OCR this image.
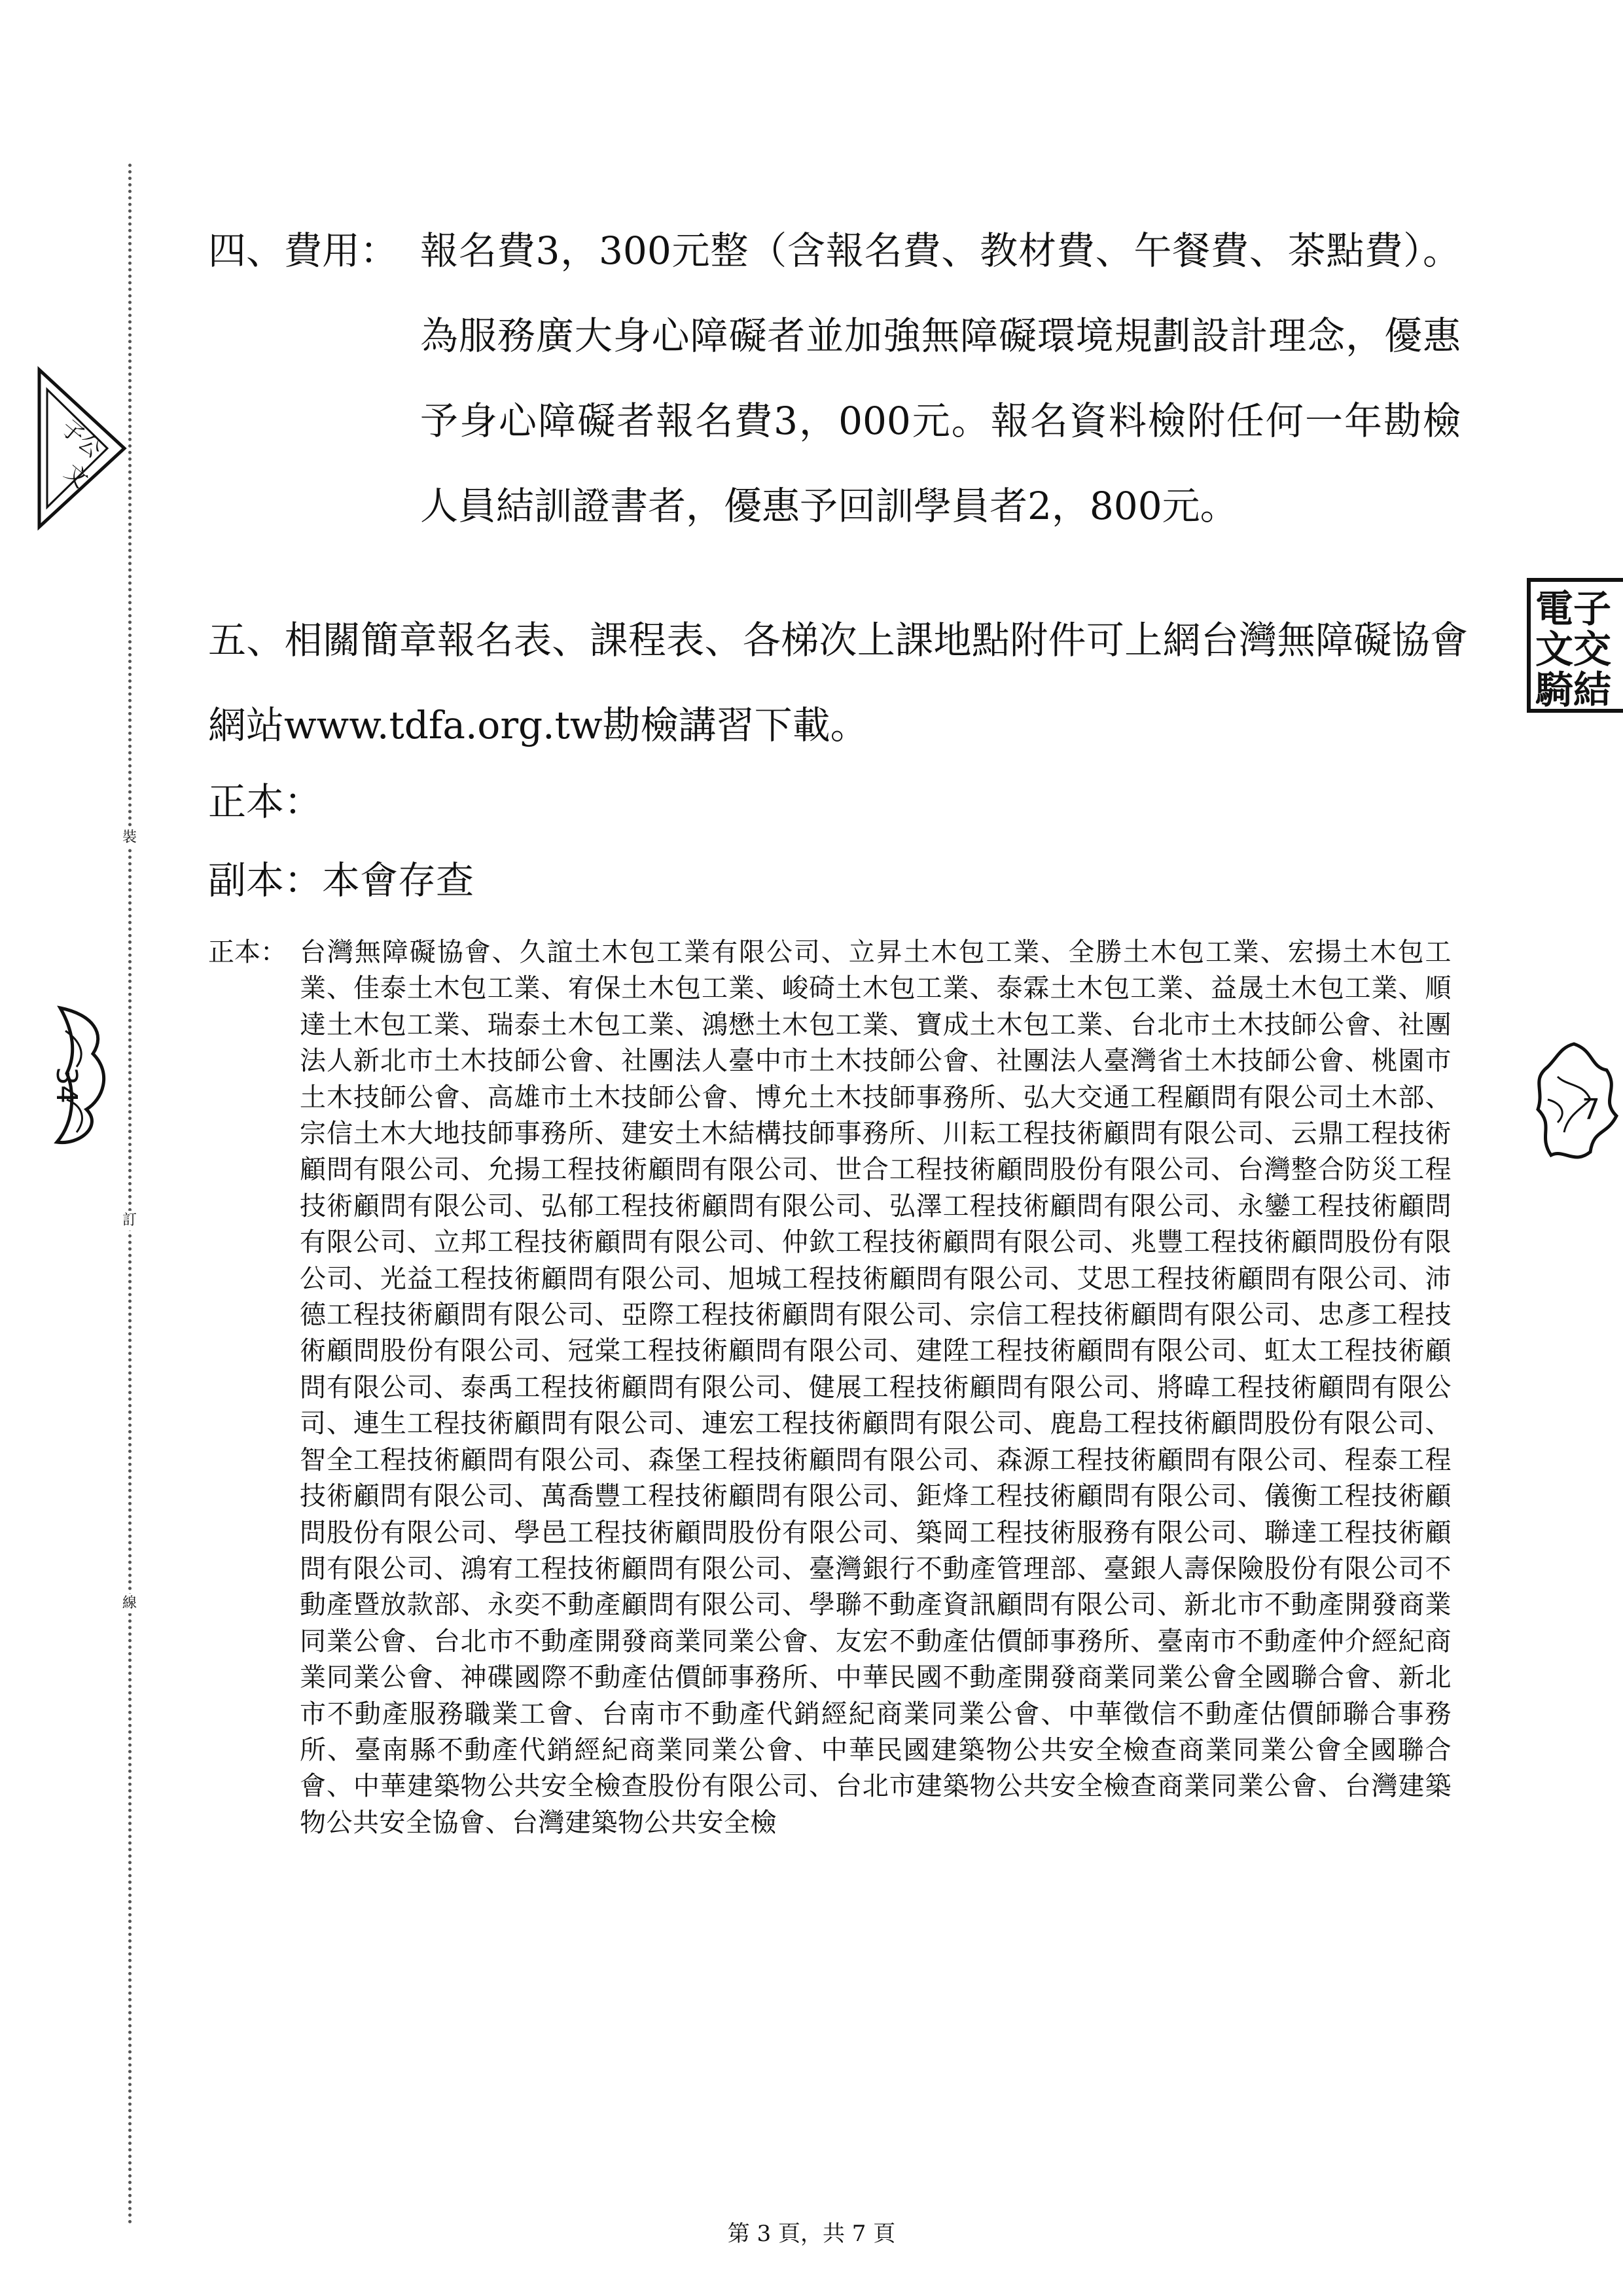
裝
訂
線
子公
文
34
電子
文交
騎結
7
四、費用： 報名費3，300元整（含報名費、教材費、午餐費、茶點費）。為服務廣大身心障礙者並加強無障礙環境規劃設計理念，優惠予身心障礙者報名費3，000元。報名資料檢附任何一年勘檢人員結訓證書者，優惠予回訓學員者2，800元。
五、相關簡章報名表、課程表、各梯次上課地點附件可上網台灣無障礙協會網站www.tdfa.org.tw勘檢講習下載。
正本：
副本：本會存查
正本： 台灣無障礙協會、久誼土木包工業有限公司、立昇土木包工業、全勝土木包工業、宏揚土木包工業、佳泰土木包工業、宥保土木包工業、峻碕土木包工業、泰霖土木包工業、益晟土木包工業、順達土木包工業、瑞泰土木包工業、鴻懋土木包工業、寶成土木包工業、台北市土木技師公會、社團法人新北市土木技師公會、社團法人臺中市土木技師公會、社團法人臺灣省土木技師公會、桃園市土木技師公會、高雄市土木技師公會、博允土木技師事務所、弘大交通工程顧問有限公司土木部、宗信土木大地技師事務所、建安土木結構技師事務所、川耘工程技術顧問有限公司、云鼎工程技術顧問有限公司、允揚工程技術顧問有限公司、世合工程技術顧問股份有限公司、台灣整合防災工程技術顧問有限公司、弘郁工程技術顧問有限公司、弘澤工程技術顧問有限公司、永鑾工程技術顧問有限公司、立邦工程技術顧問有限公司、仲欽工程技術顧問有限公司、兆豐工程技術顧問股份有限公司、光益工程技術顧問有限公司、旭城工程技術顧問有限公司、艾思工程技術顧問有限公司、沛德工程技術顧問有限公司、亞際工程技術顧問有限公司、宗信工程技術顧問有限公司、忠彥工程技術顧問股份有限公司、冠棠工程技術顧問有限公司、建陞工程技術顧問有限公司、虹太工程技術顧問有限公司、泰禹工程技術顧問有限公司、健展工程技術顧問有限公司、將暐工程技術顧問有限公司、連生工程技術顧問有限公司、連宏工程技術顧問有限公司、鹿島工程技術顧問股份有限公司、智全工程技術顧問有限公司、森堡工程技術顧問有限公司、森源工程技術顧問有限公司、程泰工程技術顧問有限公司、萬喬豐工程技術顧問有限公司、鉅烽工程技術顧問有限公司、儀衡工程技術顧問股份有限公司、學邑工程技術顧問股份有限公司、築岡工程技術服務有限公司、聯達工程技術顧問有限公司、鴻宥工程技術顧問有限公司、臺灣銀行不動產管理部、臺銀人壽保險股份有限公司不動產暨放款部、永奕不動產顧問有限公司、學聯不動產資訊顧問有限公司、新北市不動產開發商業同業公會、台北市不動產開發商業同業公會、友宏不動產估價師事務所、臺南市不動產仲介經紀商業同業公會、神碟國際不動產估價師事務所、中華民國不動產開發商業同業公會全國聯合會、新北市不動產服務職業工會、台南市不動產代銷經紀商業同業公會、中華徵信不動產估價師聯合事務所、臺南縣不動產代銷經紀商業同業公會、中華民國建築物公共安全檢查商業同業公會全國聯合會、中華建築物公共安全檢查股份有限公司、台北市建築物公共安全檢查商業同業公會、台灣建築物公共安全協會、台灣建築物公共安全檢
第 3 頁，共 7 頁
